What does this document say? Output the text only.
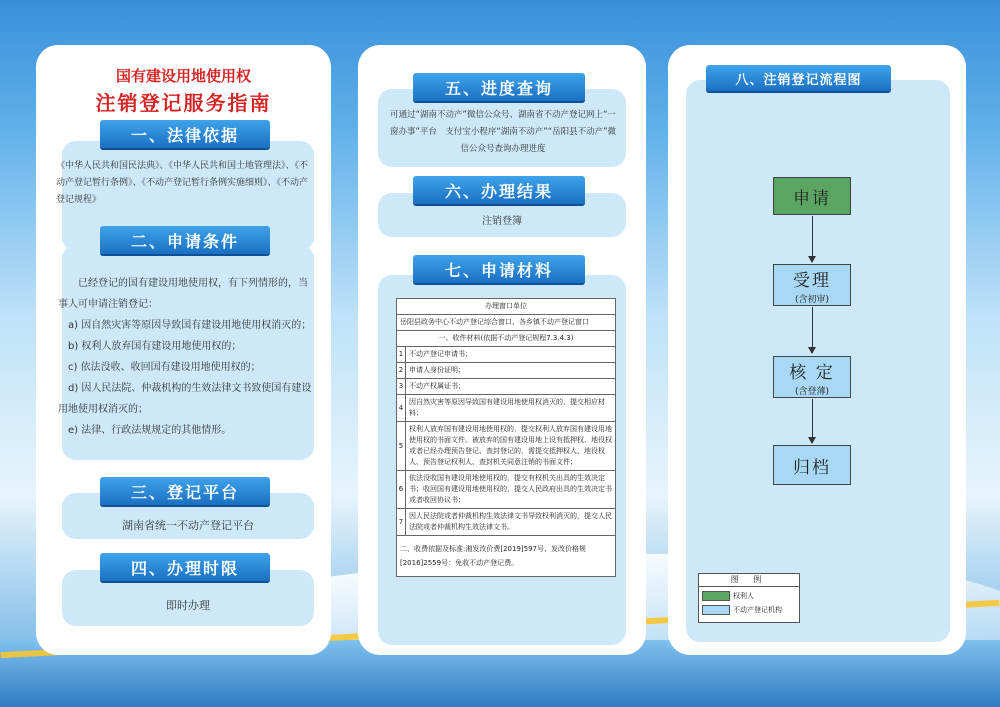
国有建设用地使用权
注销登记服务指南
一、法律依据
《中华人民共和国民法典》、《中华人民共和国土地管理法》、《不动产登记暂行条例》、《不动产登记暂行条例实施细则》、《不动产登记规程》
二、申请条件
已经登记的国有建设用地使用权，有下列情形的，当事人可申请注销登记：
a) 因自然灾害等原因导致国有建设用地使用权消灭的；
b) 权利人放弃国有建设用地使用权的；
c) 依法没收、收回国有建设用地使用权的；
d) 因人民法院、仲裁机构的生效法律文书致使国有建设用地使用权消灭的；
e) 法律、行政法规规定的其他情形。
三、登记平台
湖南省统一不动产登记平台
四、办理时限
即时办理
五、进度查询
可通过“湖南不动产”微信公众号、湖南省不动产登记网上“一窗办事”平台　支付宝小程序“湖南不动产”“岳阳县不动产”微信公众号查询办理进度
六、办理结果
注销登簿
七、申请材料
办理窗口单位	
岳阳县政务中心不动产登记综合窗口、各乡镇不动产登记窗口	
一、收件材料(依据不动产登记规程7.3.4.3)	
1	不动产登记申请书；
2	申请人身份证明；
3	不动产权属证书；
4	因自然灾害等原因导致国有建设用地使用权消灭的，提交相应材料；
5	权利人放弃国有建设用地使用权的，提交权利人放弃国有建设用地使用权的书面文件。被放弃的国有建设用地上设有抵押权、地役权或者已经办理预告登记、查封登记的，需提交抵押权人、地役权人、预告登记权利人、查封机关同意注销的书面文件；
6	依法没收国有建设用地使用权的，提交有权机关出具的生效决定书；收回国有建设用地使用权的，提交人民政府出具的生效决定书或者收回协议书；
7	因人民法院或者仲裁机构生效法律文书导致权利消灭的，提交人民法院或者仲裁机构生效法律文书。
二、收费依据及标准:湘发改价费[2019]597号、发改价格规[2016]2559号：免收不动产登记费。	
八、注销登记流程图
申请
受理
(含初审)
核 定
(含登薄)
归档
图 例
权利人
不动产登记机构
